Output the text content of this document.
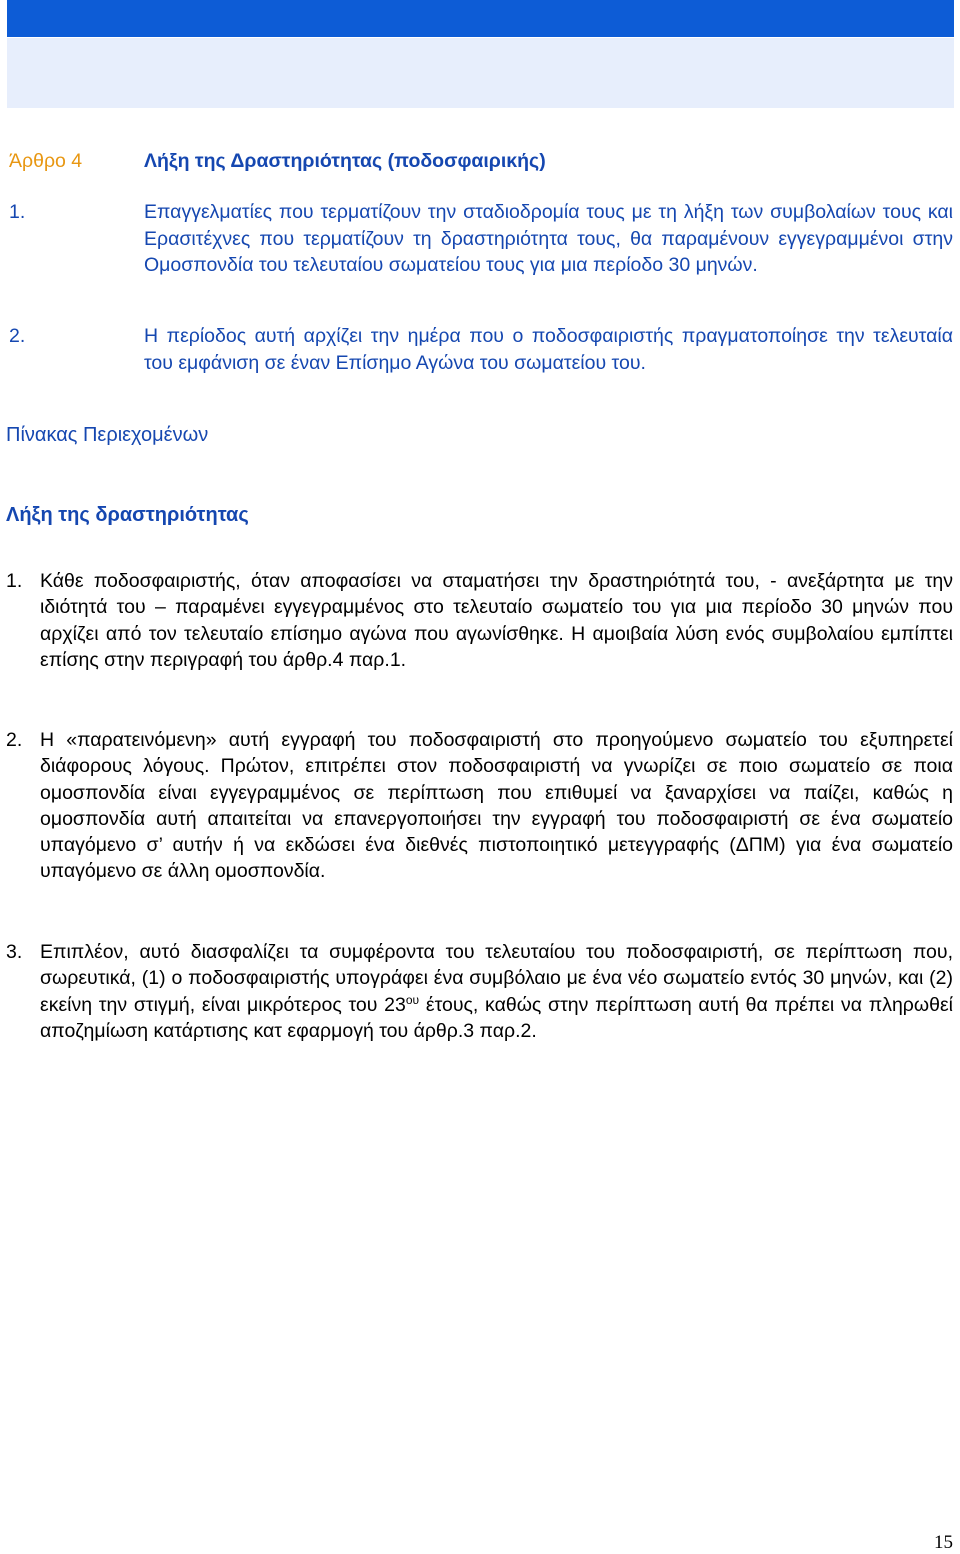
Άρθρο 4	Λήξη της Δραστηριότητας (ποδοσφαιρικής)
1.	Επαγγελματίες που τερματίζουν την σταδιοδρομία τους με τη λήξη των συμβολαίων τους και Ερασιτέχνες που τερματίζουν τη δραστηριότητα τους, θα παραμένουν εγγεγραμμένοι στην Ομοσπονδία του τελευταίου σωματείου τους για μια περίοδο 30 μηνών.
2.	Η περίοδος αυτή αρχίζει την ημέρα που ο ποδοσφαιριστής πραγματοποίησε την τελευταία του εμφάνιση σε έναν Επίσημο Αγώνα του σωματείου του.
Πίνακας Περιεχομένων
Λήξη της δραστηριότητας
1. Κάθε ποδοσφαιριστής, όταν αποφασίσει να σταματήσει την δραστηριότητά του, - ανεξάρτητα με την ιδιότητά του – παραμένει εγγεγραμμένος στο τελευταίο σωματείο του για μια περίοδο 30 μηνών που αρχίζει από τον τελευταίο επίσημο αγώνα που αγωνίσθηκε. Η αμοιβαία λύση ενός συμβολαίου εμπίπτει επίσης στην περιγραφή του άρθρ.4 παρ.1.
2. Η «παρατεινόμενη» αυτή εγγραφή του ποδοσφαιριστή στο προηγούμενο σωματείο του εξυπηρετεί διάφορους λόγους. Πρώτον, επιτρέπει στον ποδοσφαιριστή να γνωρίζει σε ποιο σωματείο σε ποια ομοσπονδία είναι εγγεγραμμένος σε περίπτωση που επιθυμεί να ξαναρχίσει να παίζει, καθώς η ομοσπονδία αυτή απαιτείται να επανεργοποιήσει την εγγραφή του ποδοσφαιριστή σε ένα σωματείο υπαγόμενο σ’ αυτήν ή να εκδώσει ένα διεθνές πιστοποιητικό μετεγγραφής (ΔΠΜ) για ένα σωματείο υπαγόμενο σε άλλη ομοσπονδία.
3. Επιπλέον, αυτό διασφαλίζει τα συμφέροντα του τελευταίου του ποδοσφαιριστή, σε περίπτωση που, σωρευτικά, (1) ο ποδοσφαιριστής υπογράφει ένα συμβόλαιο με ένα νέο σωματείο εντός 30 μηνών, και (2) εκείνη την στιγμή, είναι μικρότερος του $23^{o\upsilon}$ έτους, καθώς στην περίπτωση αυτή θα πρέπει να πληρωθεί αποζημίωση κατάρτισης κατ εφαρμογή του άρθρ.3 παρ.2.
15
